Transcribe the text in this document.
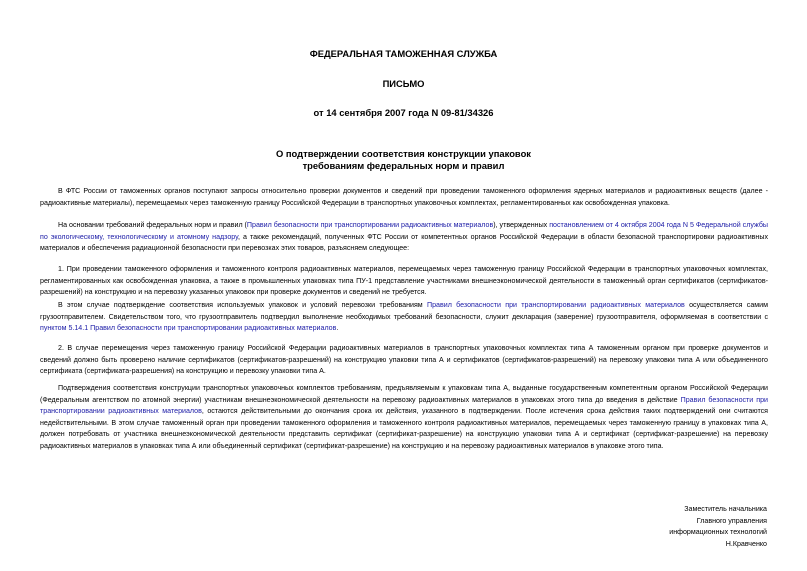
ФЕДЕРАЛЬНАЯ ТАМОЖЕННАЯ СЛУЖБА
ПИСЬМО
от 14 сентября 2007 года N 09-81/34326
О подтверждении соответствия конструкции упаковок
требованиям федеральных норм и правил

В ФТС России от таможенных органов поступают запросы относительно проверки документов и сведений при проведении таможенного оформления ядерных материалов и радиоактивных веществ (далее - радиоактивные материалы), перемещаемых через таможенную границу Российской Федерации в транспортных упаковочных комплектах, регламентированных как освобожденная упаковка.

На основании требований федеральных норм и правил (Правил безопасности при транспортировании радиоактивных материалов), утвержденных постановлением от 4 октября 2004 года N 5 Федеральной службы по экологическому, технологическому и атомному надзору, а также рекомендаций, полученных ФТС России от компетентных органов Российской Федерации в области безопасной транспортировки радиоактивных материалов и обеспечения радиационной безопасности при перевозках этих товаров, разъясняем следующее:

1. При проведении таможенного оформления и таможенного контроля радиоактивных материалов, перемещаемых через таможенную границу Российской Федерации в транспортных упаковочных комплектах, регламентированных как освобожденная упаковка, а также в промышленных упаковках типа ПУ-1 представление участниками внешнеэкономической деятельности в таможенный орган сертификатов (сертификатов-разрешений) на конструкцию и на перевозку указанных упаковок при проверке документов и сведений не требуется.

В этом случае подтверждение соответствия используемых упаковок и условий перевозки требованиям Правил безопасности при транспортировании радиоактивных материалов осуществляется самим грузоотправителем. Свидетельством того, что грузоотправитель подтвердил выполнение необходимых требований безопасности, служит декларация (заверение) грузоотправителя, оформляемая в соответствии с пунктом 5.14.1 Правил безопасности при транспортировании радиоактивных материалов.

2. В случае перемещения через таможенную границу Российской Федерации радиоактивных материалов в транспортных упаковочных комплектах типа А таможенным органом при проверке документов и сведений должно быть проверено наличие сертификатов (сертификатов-разрешений) на конструкцию упаковки типа А и сертификатов (сертификатов-разрешений) на перевозку упаковки типа А или объединенного сертификата (сертификата-разрешения) на конструкцию и перевозку упаковки типа А.

Подтверждения соответствия конструкции транспортных упаковочных комплектов требованиям, предъявляемым к упаковкам типа А, выданные государственным компетентным органом Российской Федерации (Федеральным агентством по атомной энергии) участникам внешнеэкономической деятельности на перевозку радиоактивных материалов в упаковках этого типа до введения в действие Правил безопасности при транспортировании радиоактивных материалов, остаются действительными до окончания срока их действия, указанного в подтверждении. После истечения срока действия таких подтверждений они считаются недействительными. В этом случае таможенный орган при проведении таможенного оформления и таможенного контроля радиоактивных материалов, перемещаемых через таможенную границу в упаковках типа А, должен потребовать от участника внешнеэкономической деятельности представить сертификат (сертификат-разрешение) на конструкцию упаковки типа А и сертификат (сертификат-разрешение) на перевозку радиоактивных материалов в упаковках типа А или объединенный сертификат (сертификат-разрешение) на конструкцию и на перевозку радиоактивных материалов в упаковке этого типа.

Заместитель начальника
Главного управления
информационных технологий
Н.Кравченко
